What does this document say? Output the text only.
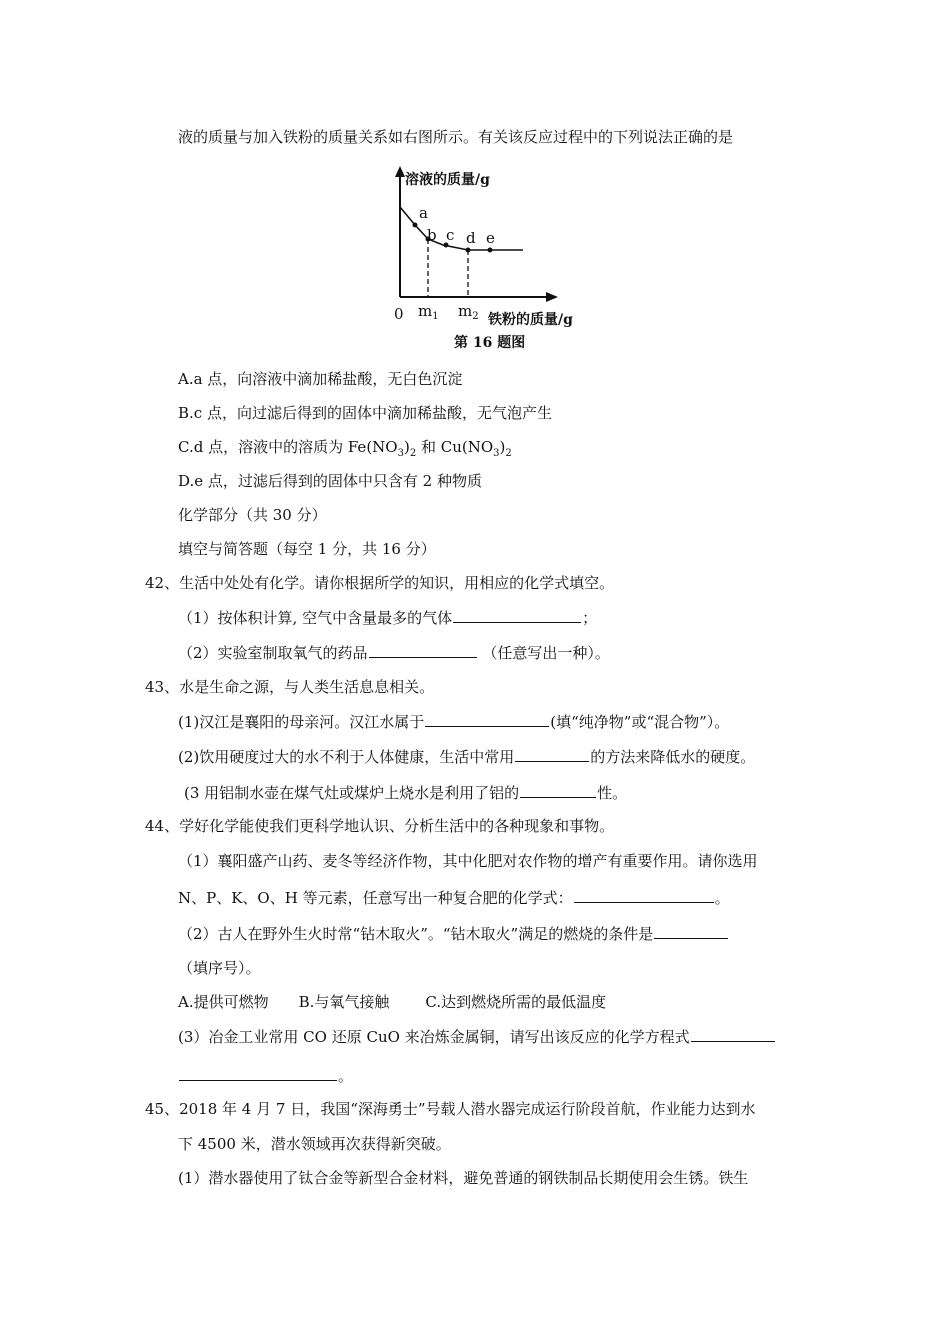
液的质量与加入铁粉的质量关系如右图所示。有关该反应过程中的下列说法正确的是
溶液的质量/g
a
b c d e
0 $m_1$ $m_2$ 铁粉的质量/g
第 16 题图
A.a 点，向溶液中滴加稀盐酸，无白色沉淀
B.c 点，向过滤后得到的固体中滴加稀盐酸，无气泡产生
C.d 点，溶液中的溶质为 $Fe(NO_3)_2$ 和 $Cu(NO_3)_2$
D.e 点，过滤后得到的固体中只含有 2 种物质
化学部分（共 30 分）
填空与简答题（每空 1 分，共 16 分）
42、生活中处处有化学。请你根据所学的知识，用相应的化学式填空。
（1）按体积计算, 空气中含量最多的气体	；
（2）实验室制取氧气的药品	（任意写出一种）。
43、水是生命之源，与人类生活息息相关。
(1)汉江是襄阳的母亲河。汉江水属于	(填“纯净物”或“混合物”）。
(2)饮用硬度过大的水不利于人体健康，生活中常用	的方法来降低水的硬度。
(3 用铝制水壶在煤气灶或煤炉上烧水是利用了铝的	性。
44、学好化学能使我们更科学地认识、分析生活中的各种现象和事物。
（1）襄阳盛产山药、麦冬等经济作物，其中化肥对农作物的增产有重要作用。请你选用
N、P、K、O、H 等元素，任意写出一种复合肥的化学式：	。
（2）古人在野外生火时常“钻木取火”。“钻木取火”满足的燃烧的条件是
（填序号）。
A.提供可燃物 B.与氧气接触 C.达到燃烧所需的最低温度
(3）冶金工业常用 CO 还原 CuO 来冶炼金属铜，请写出该反应的化学方程式
。
45、2018 年 4 月 7 日，我国“深海勇士”号载人潜水器完成运行阶段首航，作业能力达到水
下 4500 米，潜水领域再次获得新突破。
(1）潜水器使用了钛合金等新型合金材料，避免普通的钢铁制品长期使用会生锈。铁生
